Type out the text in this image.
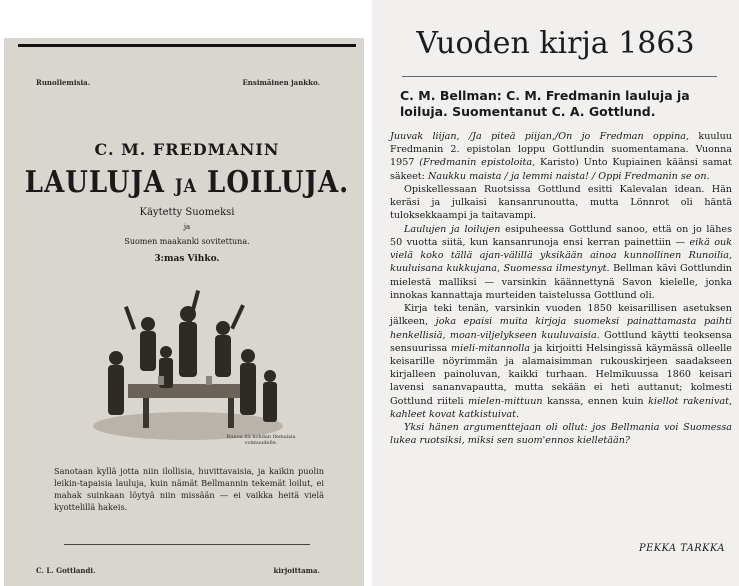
Runollemisia.	Ensimäinen jankko.
C. M. FREDMANIN
LAULUJA JA LOILUJA.
Käytetty Suomeksi
ja
Suomen maakanki sovitettuna.
3:mas Vihko.
Runoa itä kohdan flemaisia voimuudelle.
Sanotaan kyllä jotta niin ilollisia, huvittavaisia, ja kaikin puolin leikin-tapaisia lauluja, kuin nämät Bellmannin tekemät loilut, ei mahak suinkaan löytyä niin missään — ei vaikka heitä vielä kyottelillä hakeis.
C. L. Gottlandi.	kirjoittama.
Vuoden kirja 1863
C. M. Bellman: C. M. Fredmanin lauluja ja loiluja. Suomentanut C. A. Gottlund.

Juuvak liijan, /Ja piteä piijan,/On jo Fredman oppina, kuuluu Fredmanin 2. epistolan loppu Gottlundin suomentamana. Vuonna 1957 (Fredmanin epistoloita, Karisto) Unto Kupiainen käänsi samat säkeet: Naukku maista / ja lemmi naista! / Oppi Fredmanin se on.

Opiskellessaan Ruotsissa Gottlund esitti Kalevalan idean. Hän keräsi ja julkaisi kansanrunoutta, mutta Lönnrot oli häntä tuloksekkaampi ja taitavampi.

Laulujen ja loilujen esipuheessa Gottlund sanoo, että on jo lähes 50 vuotta siitä, kun kansanrunoja ensi kerran painettiin — eikä ouk vielä koko tällä ajan-välillä yksikään ainoa kunnollinen Runoilia, kuuluisana kukkujana, Suomessa ilmestynyt. Bellman kävi Gottlundin mielestä malliksi — varsinkin käännettynä Savon kielelle, jonka innokas kannattaja murteiden taistelussa Gottlund oli.

Kirja teki tenän, varsinkin vuoden 1850 keisarillisen asetuksen jälkeen, joka epaisi muita kirjoja suomeksi painattamasta paihti henkellisiä, moan-viljelykseen kuuluvaisia. Gottlund käytti teoksensa sensuurissa mieli-mitannolla ja kirjoitti Helsingissä käymässä olleelle keisarille nöyrimmän ja alamaisimman rukouskirjeen saadakseen kirjalleen painoluvan, kaikki turhaan. Helmikuussa 1860 keisari lavensi sananvapautta, mutta sekään ei heti auttanut; kolmesti Gottlund riiteli mielen-mittuun kanssa, ennen kuin kiellot rakenivat, kahleet kovat katkistuivat.

Yksi hänen argumenttejaan oli ollut: jos Bellmania voi Suomessa lukea ruotsiksi, miksi sen suom'ennos kielletään?

PEKKA TARKKA
